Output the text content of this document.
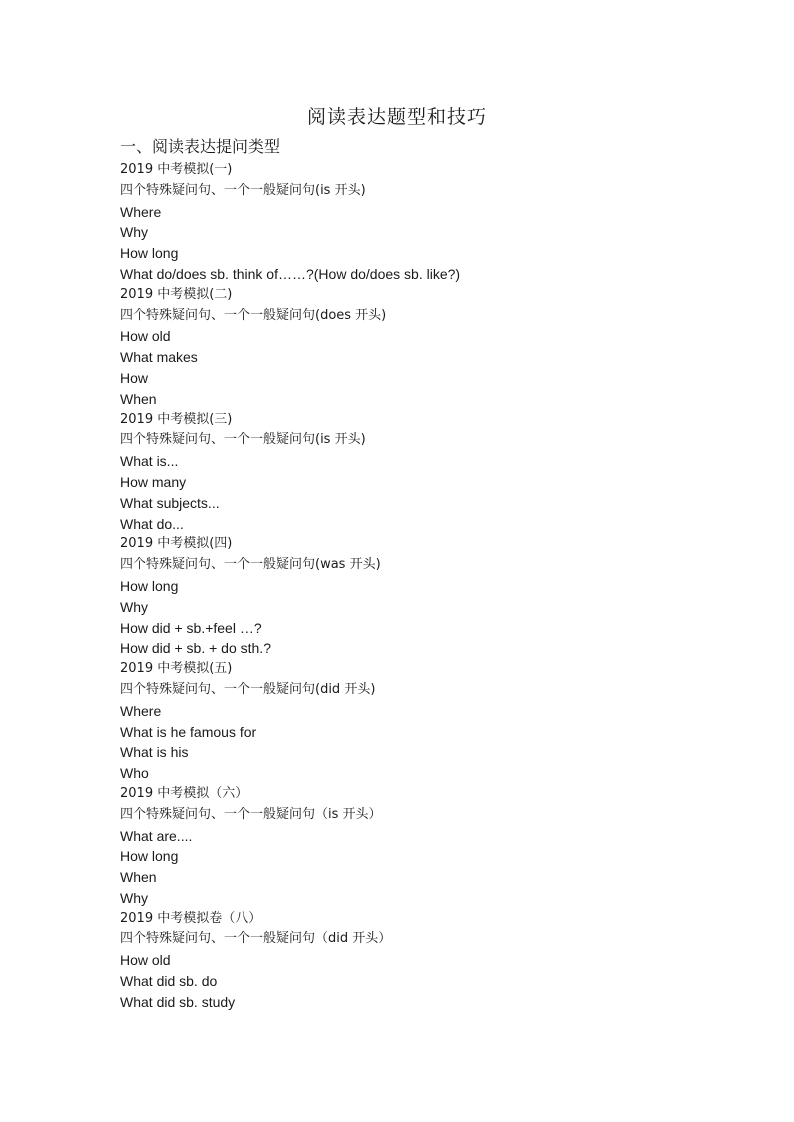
阅读表达题型和技巧
一、阅读表达提问类型
2019 中考模拟(一)
四个特殊疑问句、一个一般疑问句(is 开头)
Where
Why
How long
What do/does sb. think of……?(How do/does sb. like?)
2019 中考模拟(二)
四个特殊疑问句、一个一般疑问句(does 开头)
How old
What makes
How
When
2019 中考模拟(三)
四个特殊疑问句、一个一般疑问句(is 开头)
What is...
How many
What subjects...
What do...
2019 中考模拟(四)
四个特殊疑问句、一个一般疑问句(was 开头)
How long
Why
How did + sb.+feel …?
How did + sb. + do sth.?
2019 中考模拟(五)
四个特殊疑问句、一个一般疑问句(did 开头)
Where
What is he famous for
What is his
Who
2019 中考模拟（六）
四个特殊疑问句、一个一般疑问句（is 开头）
What are....
How long
When
Why
2019 中考模拟卷（八）
四个特殊疑问句、一个一般疑问句（did 开头）
How old
What did sb. do
What did sb. study
